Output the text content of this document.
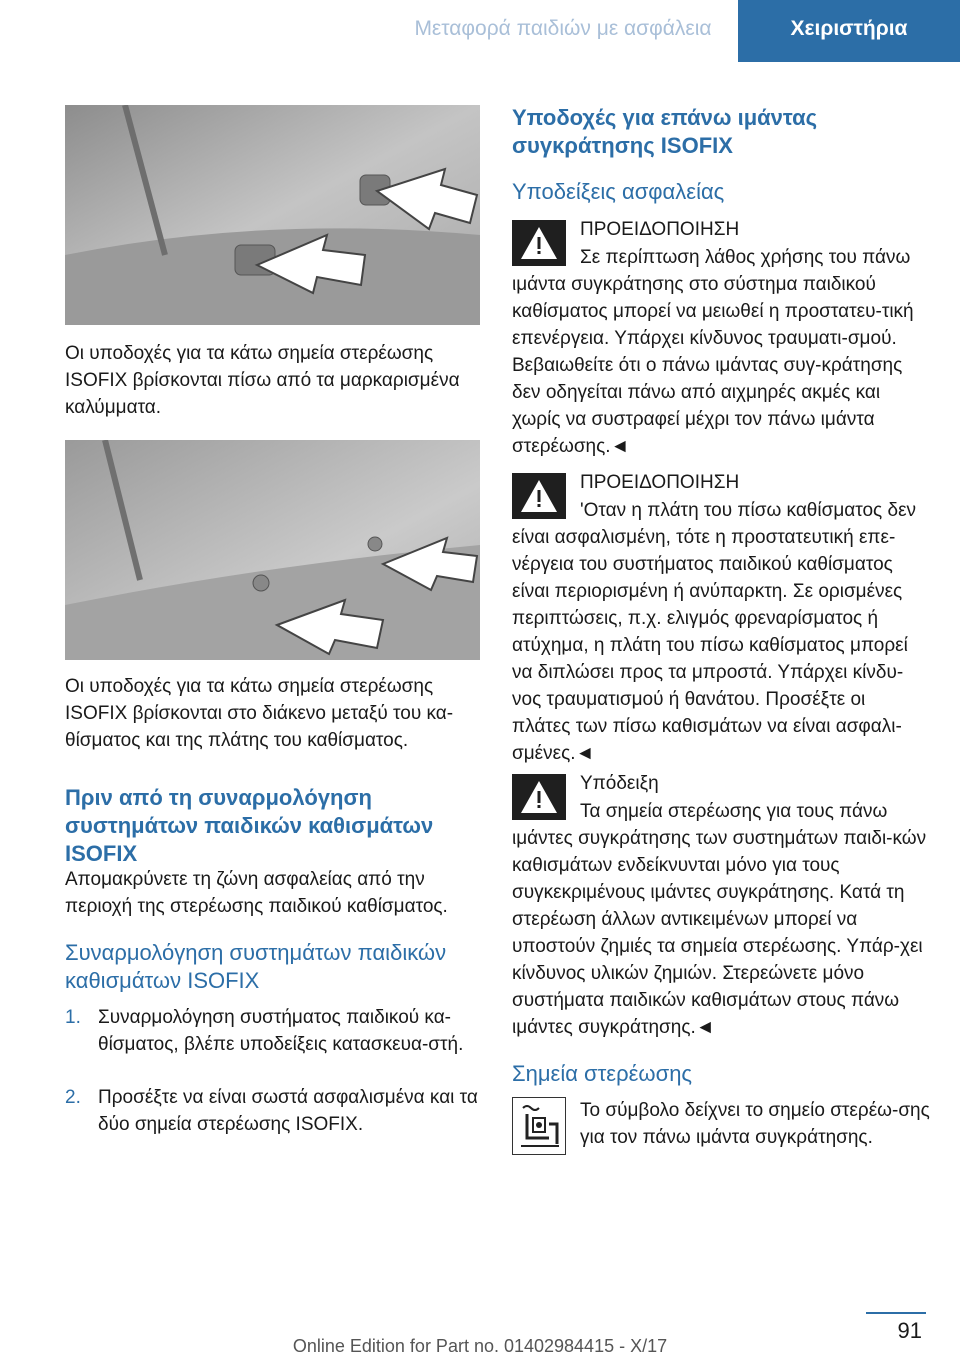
Μεταφορά παιδιών με ασφάλεια	Χειριστήρια
Οι υποδοχές για τα κάτω σημεία στερέωσης ISOFIX βρίσκονται πίσω από τα μαρκαρισμένα καλύμματα.
Οι υποδοχές για τα κάτω σημεία στερέωσης ISOFIX βρίσκονται στο διάκενο μεταξύ του κα‐θίσματος και της πλάτης του καθίσματος.
Πριν από τη συναρμολόγηση συστημάτων παιδικών καθισμάτων ISOFIX
Απομακρύνετε τη ζώνη ασφαλείας από την περιοχή της στερέωσης παιδικού καθίσματος.
Συναρμολόγηση συστημάτων παιδικών καθισμάτων ISOFIX
1. Συναρμολόγηση συστήματος παιδικού κα‐θίσματος, βλέπε υποδείξεις κατασκευα‐στή.
2. Προσέξτε να είναι σωστά ασφαλισμένα και τα δύο σημεία στερέωσης ISOFIX.
Υποδοχές για επάνω ιμάντας συγκράτησης ISOFIX
Υποδείξεις ασφαλείας
ΠΡΟΕΙΔΟΠΟΙΗΣΗ
Σε περίπτωση λάθος χρήσης του πάνω ιμάντα συγκράτησης στο σύστημα παιδικού καθίσματος μπορεί να μειωθεί η προστατευ‐τική επενέργεια. Υπάρχει κίνδυνος τραυματι‐σμού. Βεβαιωθείτε ότι ο πάνω ιμάντας συγ‐κράτησης δεν οδηγείται πάνω από αιχμηρές ακμές και χωρίς να συστραφεί μέχρι τον πάνω ιμάντα στερέωσης.◄
ΠΡΟΕΙΔΟΠΟΙΗΣΗ
'Οταν η πλάτη του πίσω καθίσματος δεν είναι ασφαλισμένη, τότε η προστατευτική επε‐νέργεια του συστήματος παιδικού καθίσματος είναι περιορισμένη ή ανύπαρκτη. Σε ορισμένες περιπτώσεις, π.χ. ελιγμός φρεναρίσματος ή ατύχημα, η πλάτη του πίσω καθίσματος μπορεί να διπλώσει προς τα μπροστά. Υπάρχει κίνδυ‐νος τραυματισμού ή θανάτου. Προσέξτε οι πλάτες των πίσω καθισμάτων να είναι ασφαλι‐σμένες.◄
Υπόδειξη
Τα σημεία στερέωσης για τους πάνω ιμάντες συγκράτησης των συστημάτων παιδι‐κών καθισμάτων ενδείκνυνται μόνο για τους συγκεκριμένους ιμάντες συγκράτησης. Κατά τη στερέωση άλλων αντικειμένων μπορεί να υποστούν ζημιές τα σημεία στερέωσης. Υπάρ‐χει κίνδυνος υλικών ζημιών. Στερεώνετε μόνο συστήματα παιδικών καθισμάτων στους πάνω ιμάντες συγκράτησης.◄
Σημεία στερέωσης
Το σύμβολο δείχνει το σημείο στερέω‐σης για τον πάνω ιμάντα συγκράτησης.
91
Online Edition for Part no. 01402984415 - X/17
